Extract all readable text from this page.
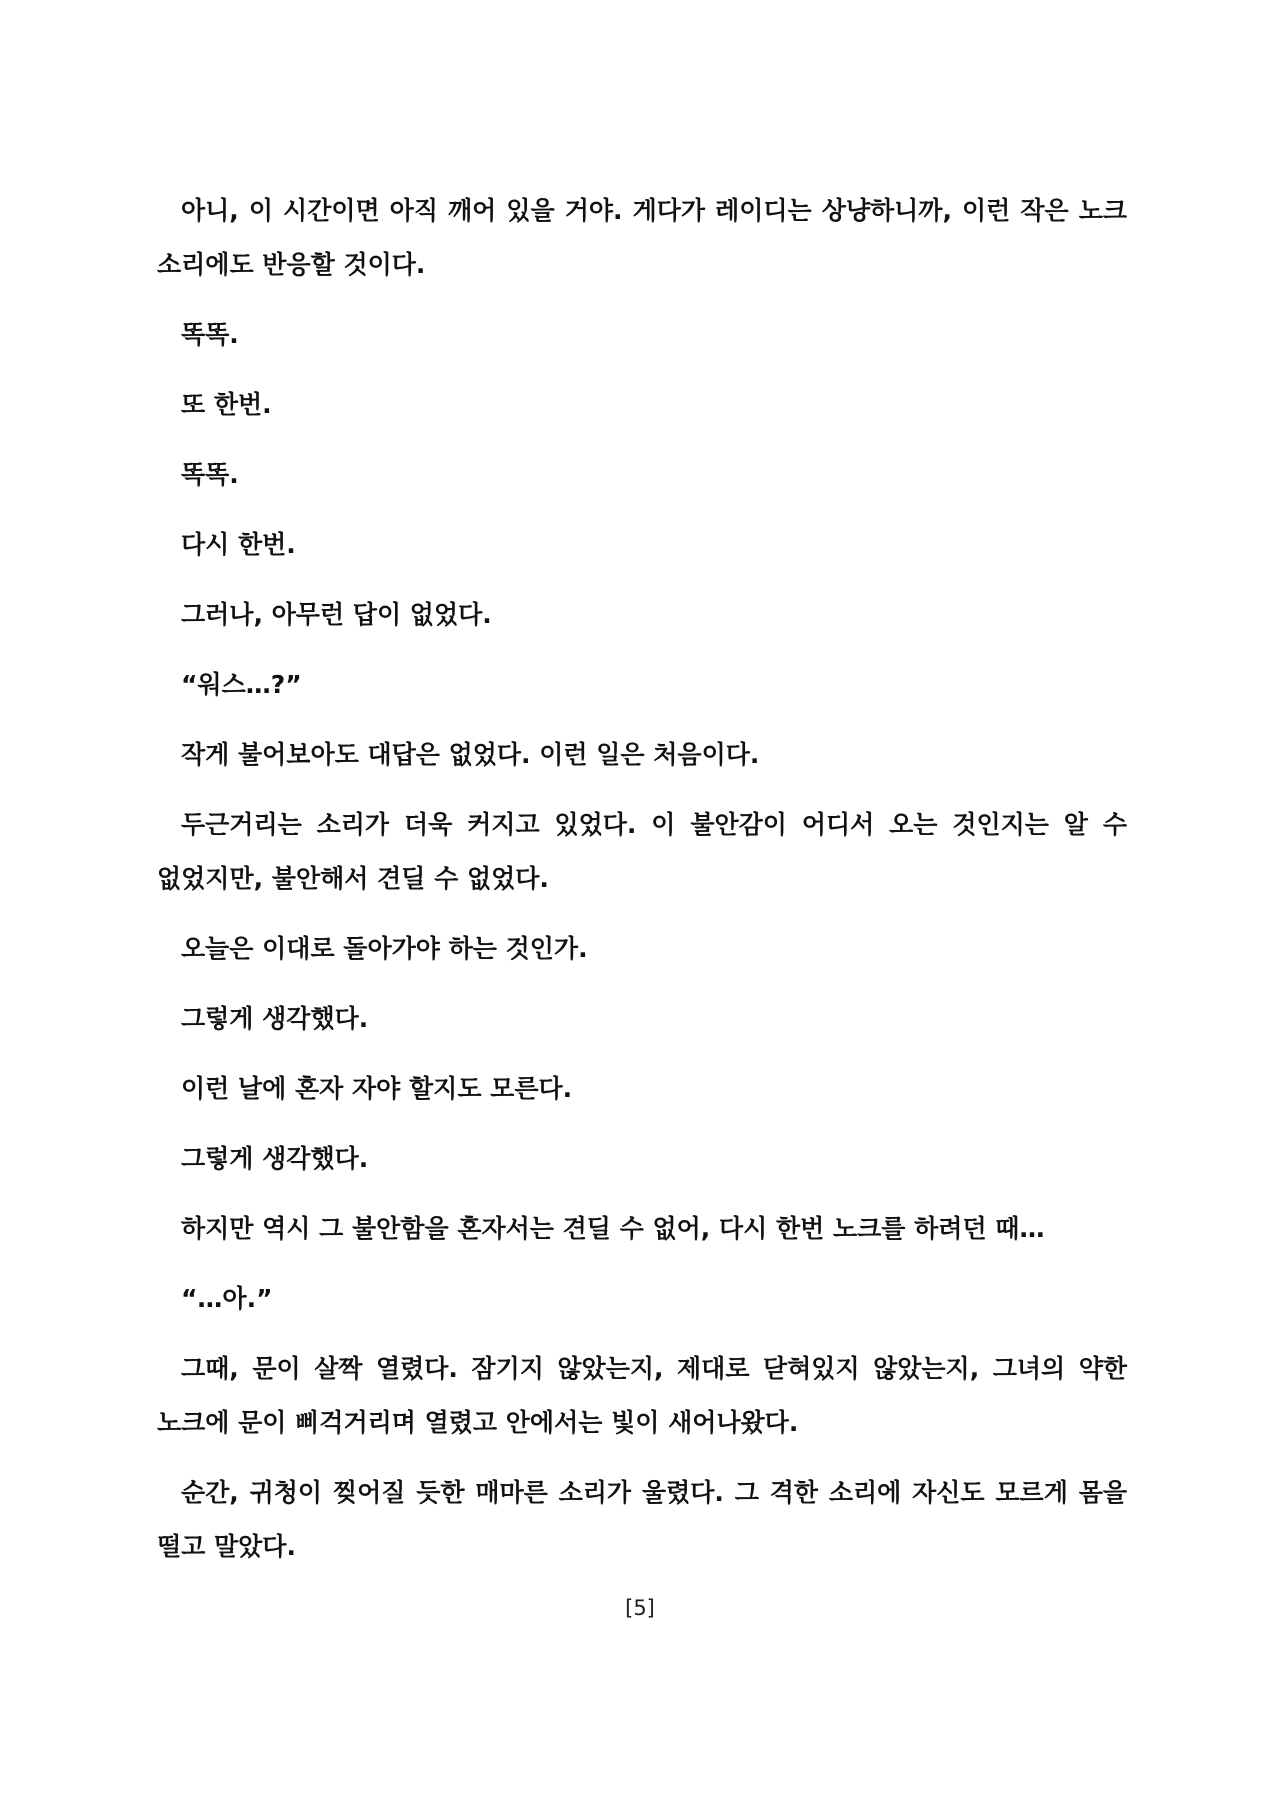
아니, 이 시간이면 아직 깨어 있을 거야. 게다가 레이디는 상냥하니까, 이런 작은 노크 소리에도 반응할 것이다.

똑똑.

또 한번.

똑똑.

다시 한번.

그러나, 아무런 답이 없었다.

“워스…?”

작게 불어보아도 대답은 없었다. 이런 일은 처음이다.

두근거리는 소리가 더욱 커지고 있었다. 이 불안감이 어디서 오는 것인지는 알 수 없었지만, 불안해서 견딜 수 없었다.

오늘은 이대로 돌아가야 하는 것인가.

그렇게 생각했다.

이런 날에 혼자 자야 할지도 모른다.

그렇게 생각했다.

하지만 역시 그 불안함을 혼자서는 견딜 수 없어, 다시 한번 노크를 하려던 때…

“…아.”

그때, 문이 살짝 열렸다. 잠기지 않았는지, 제대로 닫혀있지 않았는지, 그녀의 약한 노크에 문이 삐걱거리며 열렸고 안에서는 빛이 새어나왔다.

순간, 귀청이 찢어질 듯한 매마른 소리가 울렸다. 그 격한 소리에 자신도 모르게 몸을 떨고 말았다.

[5]
